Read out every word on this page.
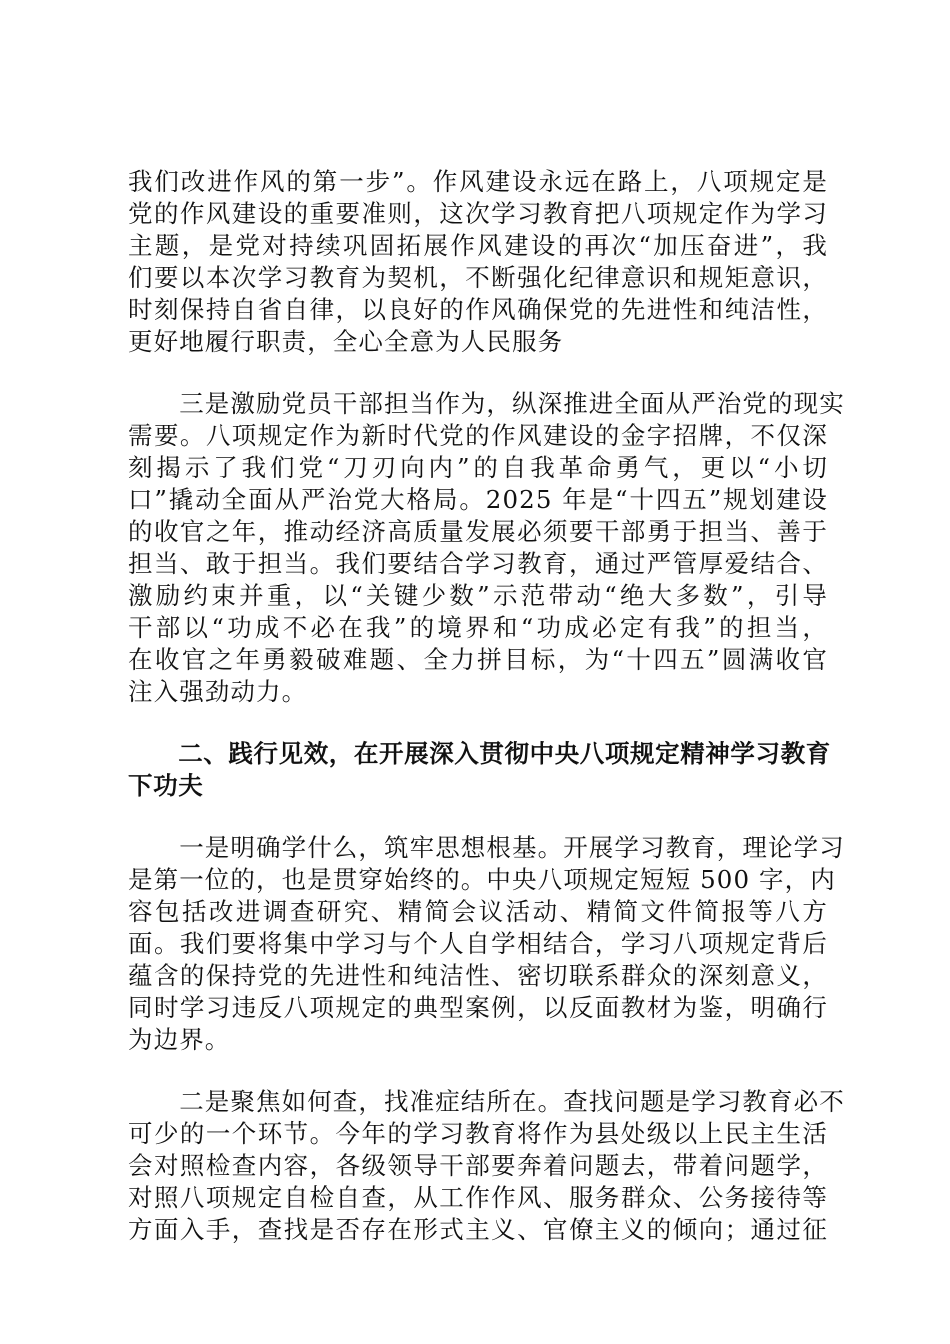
我们改进作风的第一步”。作风建设永远在路上，八项规定是
党的作风建设的重要准则，这次学习教育把八项规定作为学习
主题，是党对持续巩固拓展作风建设的再次“加压奋进”，我
们要以本次学习教育为契机，不断强化纪律意识和规矩意识，
时刻保持自省自律，以良好的作风确保党的先进性和纯洁性，
更好地履行职责，全心全意为人民服务
　　三是激励党员干部担当作为，纵深推进全面从严治党的现实
需要。八项规定作为新时代党的作风建设的金字招牌，不仅深
刻揭示了我们党“刀刃向内”的自我革命勇气，更以“小切
口”撬动全面从严治党大格局。2025 年是“十四五”规划建设
的收官之年，推动经济高质量发展必须要干部勇于担当、善于
担当、敢于担当。我们要结合学习教育，通过严管厚爱结合、
激励约束并重，以“关键少数”示范带动“绝大多数”，引导
干部以“功成不必在我”的境界和“功成必定有我”的担当，
在收官之年勇毅破难题、全力拼目标，为“十四五”圆满收官
注入强劲动力。
　　二、践行见效，在开展深入贯彻中央八项规定精神学习教育
下功夫
　　一是明确学什么，筑牢思想根基。开展学习教育，理论学习
是第一位的，也是贯穿始终的。中央八项规定短短 500 字，内
容包括改进调查研究、精简会议活动、精简文件简报等八方
面。我们要将集中学习与个人自学相结合，学习八项规定背后
蕴含的保持党的先进性和纯洁性、密切联系群众的深刻意义，
同时学习违反八项规定的典型案例，以反面教材为鉴，明确行
为边界。
　　二是聚焦如何查，找准症结所在。查找问题是学习教育必不
可少的一个环节。今年的学习教育将作为县处级以上民主生活
会对照检查内容，各级领导干部要奔着问题去，带着问题学，
对照八项规定自检自查，从工作作风、服务群众、公务接待等
方面入手，查找是否存在形式主义、官僚主义的倾向；通过征
